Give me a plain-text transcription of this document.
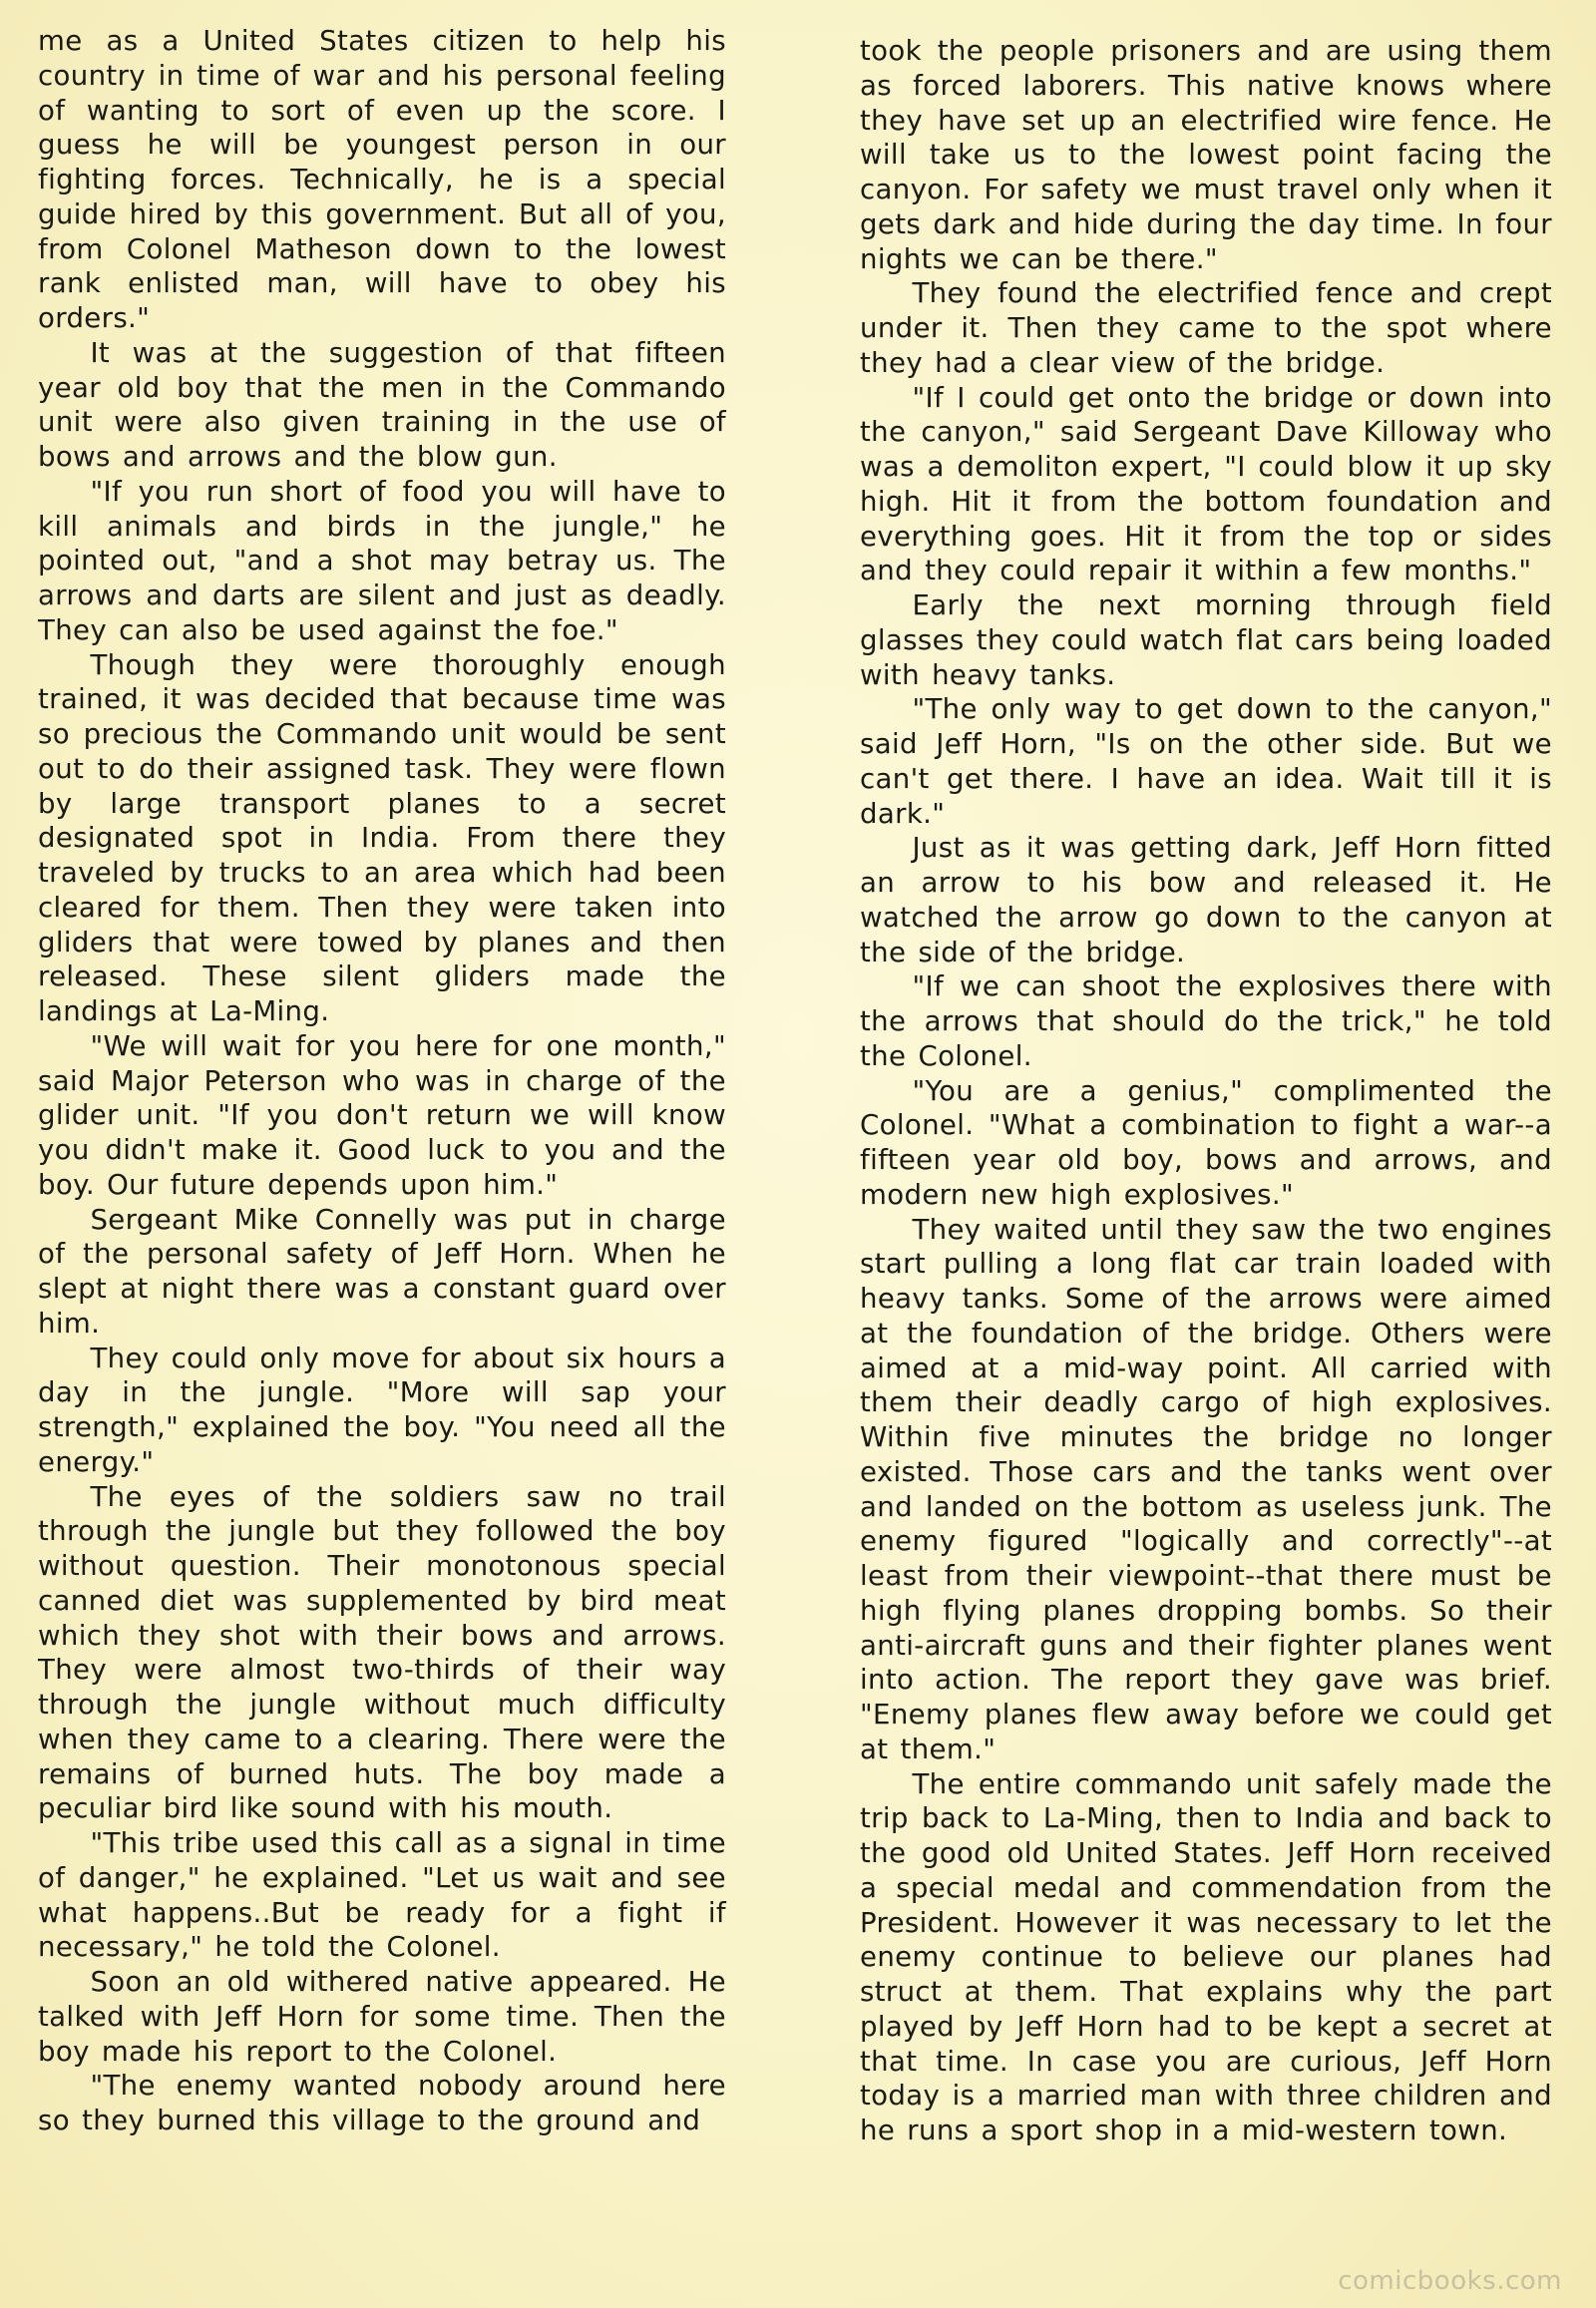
me as a United States citizen to help his country in time of war and his personal feeling of wanting to sort of even up the score. I guess he will be youngest person in our fighting forces. Technically, he is a special guide hired by this government. But all of you, from Colonel Matheson down to the lowest rank enlisted man, will have to obey his orders."

It was at the suggestion of that fifteen year old boy that the men in the Commando unit were also given training in the use of bows and arrows and the blow gun.

"If you run short of food you will have to kill animals and birds in the jungle," he pointed out, "and a shot may betray us. The arrows and darts are silent and just as deadly. They can also be used against the foe."

Though they were thoroughly enough trained, it was decided that because time was so precious the Commando unit would be sent out to do their assigned task. They were flown by large transport planes to a secret designated spot in India. From there they traveled by trucks to an area which had been cleared for them. Then they were taken into gliders that were towed by planes and then released. These silent gliders made the landings at La-Ming.

"We will wait for you here for one month," said Major Peterson who was in charge of the glider unit. "If you don't return we will know you didn't make it. Good luck to you and the boy. Our future depends upon him."

Sergeant Mike Connelly was put in charge of the personal safety of Jeff Horn. When he slept at night there was a constant guard over him.

They could only move for about six hours a day in the jungle. "More will sap your strength," explained the boy. "You need all the energy."

The eyes of the soldiers saw no trail through the jungle but they followed the boy without question. Their monotonous special canned diet was supplemented by bird meat which they shot with their bows and arrows. They were almost two-thirds of their way through the jungle without much difficulty when they came to a clearing. There were the remains of burned huts. The boy made a peculiar bird like sound with his mouth.

"This tribe used this call as a signal in time of danger," he explained. "Let us wait and see what happens..But be ready for a fight if necessary," he told the Colonel.

Soon an old withered native appeared. He talked with Jeff Horn for some time. Then the boy made his report to the Colonel.

"The enemy wanted nobody around here so they burned this village to the ground and

took the people prisoners and are using them as forced laborers. This native knows where they have set up an electrified wire fence. He will take us to the lowest point facing the canyon. For safety we must travel only when it gets dark and hide during the day time. In four nights we can be there."

They found the electrified fence and crept under it. Then they came to the spot where they had a clear view of the bridge.

"If I could get onto the bridge or down into the canyon," said Sergeant Dave Killoway who was a demoliton expert, "I could blow it up sky high. Hit it from the bottom foundation and everything goes. Hit it from the top or sides and they could repair it within a few months."

Early the next morning through field glasses they could watch flat cars being loaded with heavy tanks.

"The only way to get down to the canyon," said Jeff Horn, "Is on the other side. But we can't get there. I have an idea. Wait till it is dark."

Just as it was getting dark, Jeff Horn fitted an arrow to his bow and released it. He watched the arrow go down to the canyon at the side of the bridge.

"If we can shoot the explosives there with the arrows that should do the trick," he told the Colonel.

"You are a genius," complimented the Colonel. "What a combination to fight a war--a fifteen year old boy, bows and arrows, and modern new high explosives."

They waited until they saw the two engines start pulling a long flat car train loaded with heavy tanks. Some of the arrows were aimed at the foundation of the bridge. Others were aimed at a mid-way point. All carried with them their deadly cargo of high explosives. Within five minutes the bridge no longer existed. Those cars and the tanks went over and landed on the bottom as useless junk. The enemy figured "logically and correctly"--at least from their viewpoint--that there must be high flying planes dropping bombs. So their anti-aircraft guns and their fighter planes went into action. The report they gave was brief. "Enemy planes flew away before we could get at them."

The entire commando unit safely made the trip back to La-Ming, then to India and back to the good old United States. Jeff Horn received a special medal and commendation from the President. However it was necessary to let the enemy continue to believe our planes had struct at them. That explains why the part played by Jeff Horn had to be kept a secret at that time. In case you are curious, Jeff Horn today is a married man with three children and he runs a sport shop in a mid-western town.

comicbooks.com
